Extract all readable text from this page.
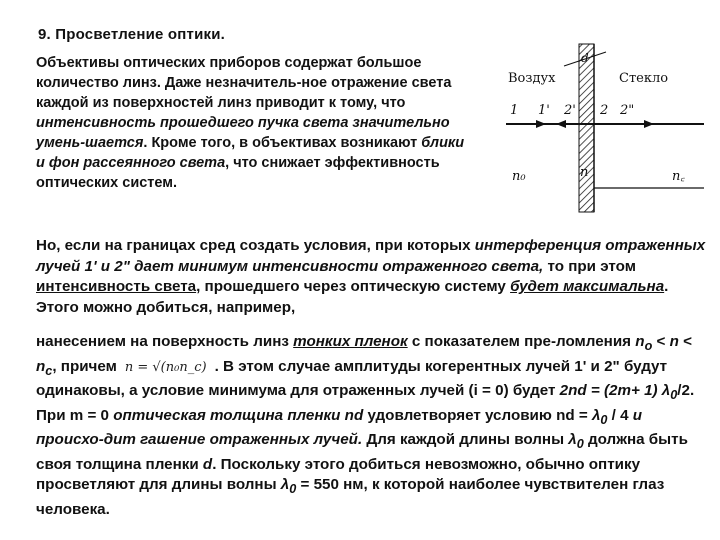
9. Просветление оптики.
Объективы оптических приборов содержат большое количество линз. Даже незначитель-ное отражение света каждой из поверхностей линз приводит к тому, что интенсивность прошедшего пучка света значительно умень-шается. Кроме того, в объективах возникают блики и фон рассеянного света, что снижает эффективность оптических систем.
d
Воздух	Стекло
1 1' 2' 2 2"
n₀	n	n꜀
Но, если на границах сред создать условия, при которых интерференция отраженных лучей 1' и 2" дает минимум интенсивности отраженного света, то при этом интенсивность света, прошедшего через оптическую систему будет максимальна. Этого можно добиться, например,
нанесением на поверхность линз тонких пленок с показателем пре-ломления $n_o < n < n_c$, причем n = √(n₀n_c) . В этом случае амплитуды когерентных лучей 1' и 2" будут одинаковы, а условие минимума для отраженных лучей (i = 0) будет 2nd = (2m+ 1) $\lambda_0/2$. При m = 0 оптическая толщина пленки nd удовлетворяет условию nd = $\lambda_0 / 4$ и происхо-дит гашение отраженных лучей. Для каждой длины волны $\lambda_0$ должна быть своя толщина пленки d. Поскольку этого добиться невозможно, обычно оптику просветляют для длины волны $\lambda_0 = 550$ нм, к которой наиболее чувствителен глаз человека.
